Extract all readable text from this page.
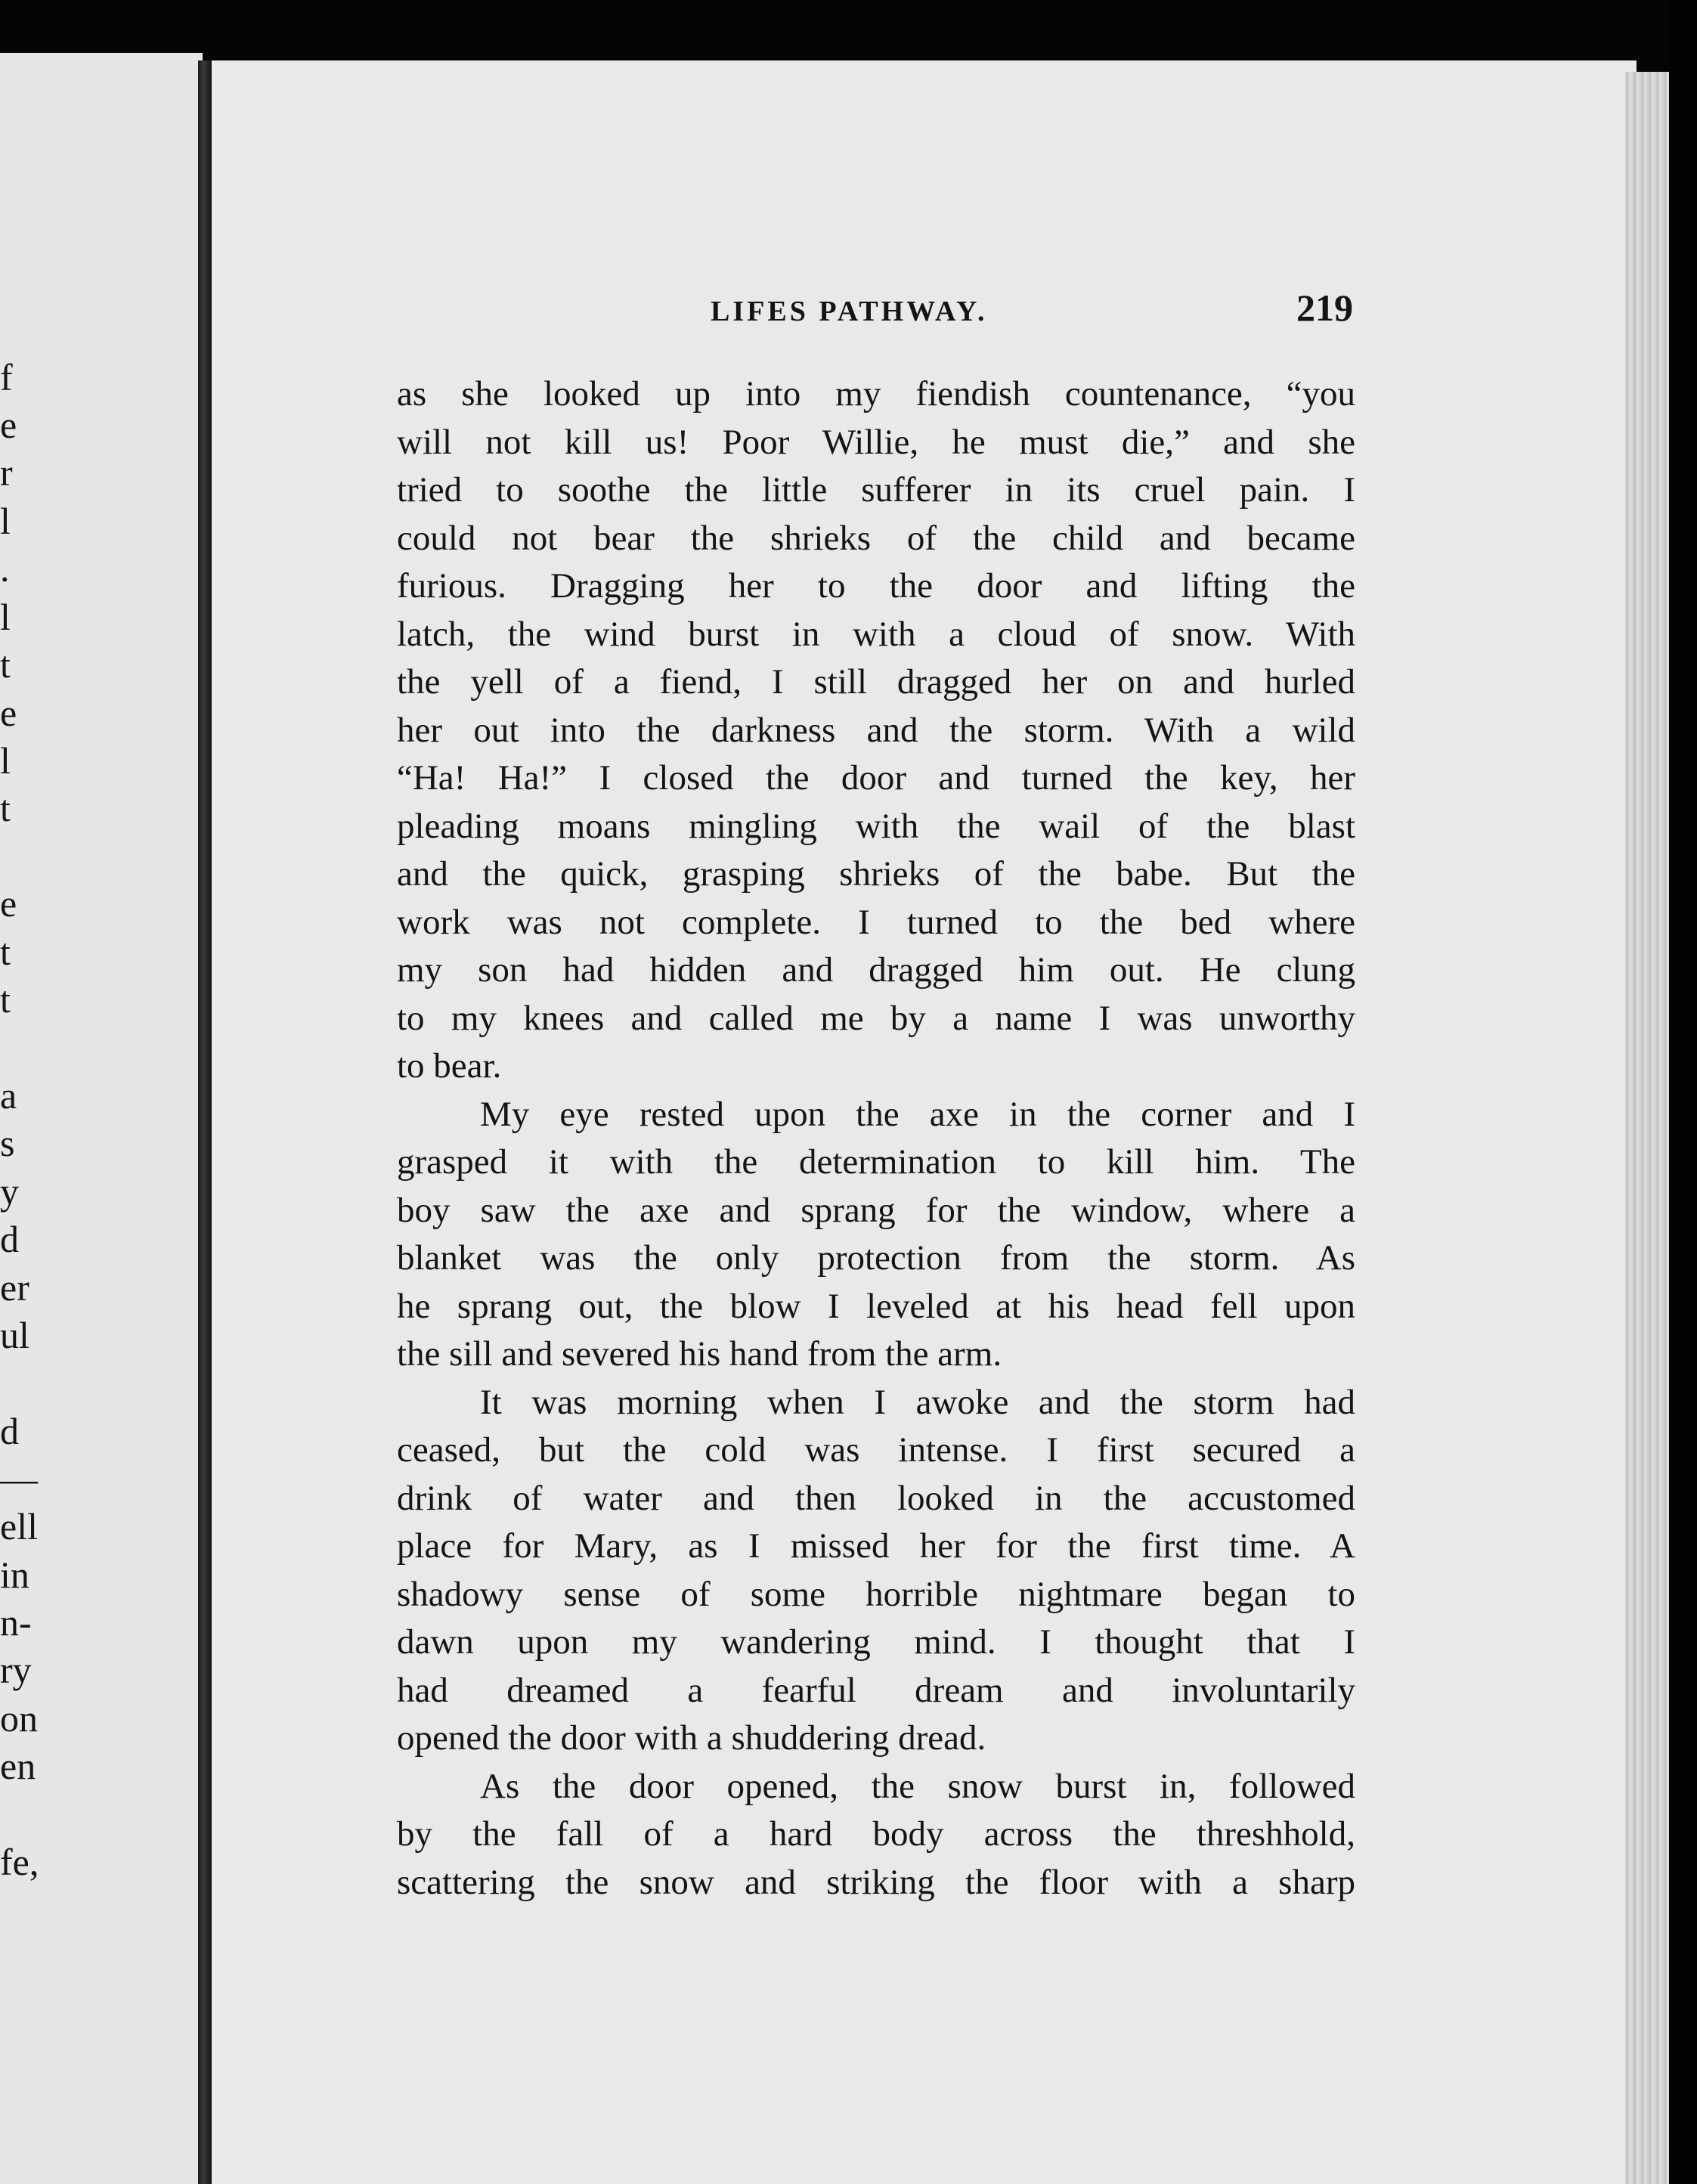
f
e
r
l
.
l
t
e
l
t
e
t
t
a
s
y
d
er
ul
d
—
ell
in
n-
ry
on
en
fe,
LIFES PATHWAY.	219
as she looked up into my fiendish countenance, “you
will not kill us! Poor Willie, he must die,” and she
tried to soothe the little sufferer in its cruel pain. I
could not bear the shrieks of the child and became
furious. Dragging her to the door and lifting the
latch, the wind burst in with a cloud of snow. With
the yell of a fiend, I still dragged her on and hurled
her out into the darkness and the storm. With a wild
“Ha! Ha!” I closed the door and turned the key, her
pleading moans mingling with the wail of the blast
and the quick, grasping shrieks of the babe. But the
work was not complete. I turned to the bed where
my son had hidden and dragged him out. He clung
to my knees and called me by a name I was unworthy
to bear.
My eye rested upon the axe in the corner and I
grasped it with the determination to kill him. The
boy saw the axe and sprang for the window, where a
blanket was the only protection from the storm. As
he sprang out, the blow I leveled at his head fell upon
the sill and severed his hand from the arm.
It was morning when I awoke and the storm had
ceased, but the cold was intense. I first secured a
drink of water and then looked in the accustomed
place for Mary, as I missed her for the first time. A
shadowy sense of some horrible nightmare began to
dawn upon my wandering mind. I thought that I
had dreamed a fearful dream and involuntarily
opened the door with a shuddering dread.
As the door opened, the snow burst in, followed
by the fall of a hard body across the threshhold,
scattering the snow and striking the floor with a sharp
